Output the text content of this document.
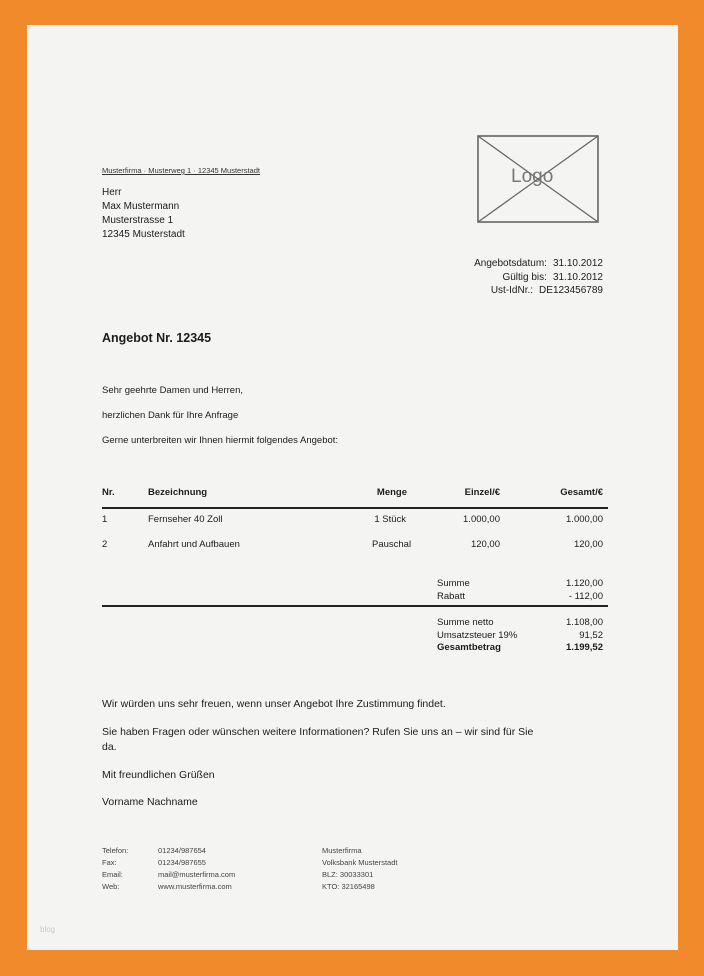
Musterfirma · Musterweg 1 · 12345 Musterstadt
Herr
Max Mustermann
Musterstrasse 1
12345 Musterstadt
Logo
Angebotsdatum: 31.10.2012
Gültig bis: 31.10.2012
Ust-IdNr.: DE123456789
Angebot Nr. 12345
Sehr geehrte Damen und Herren,
herzlichen Dank für Ihre Anfrage
Gerne unterbreiten wir Ihnen hiermit folgendes Angebot:
Nr.	Bezeichnung	Menge	Einzel/€	Gesamt/€
1	Fernseher 40 Zoll	1 Stück	1.000,00	1.000,00
2	Anfahrt und Aufbauen	Pauschal	120,00	120,00
Summe	1.120,00
Rabatt	- 112,00
Summe netto	1.108,00
Umsatzsteuer 19%	91,52
Gesamtbetrag	1.199,52
Wir würden uns sehr freuen, wenn unser Angebot Ihre Zustimmung findet.
Sie haben Fragen oder wünschen weitere Informationen? Rufen Sie uns an – wir sind für Sie
da.
Mit freundlichen Grüßen
Vorname Nachname
Telefon:	01234/987654
Fax:	01234/987655
Email:	mail@musterfirma.com
Web:	www.musterfirma.com
Musterfirma
Volksbank Musterstadt
BLZ: 30033301
KTO: 32165498
blog
